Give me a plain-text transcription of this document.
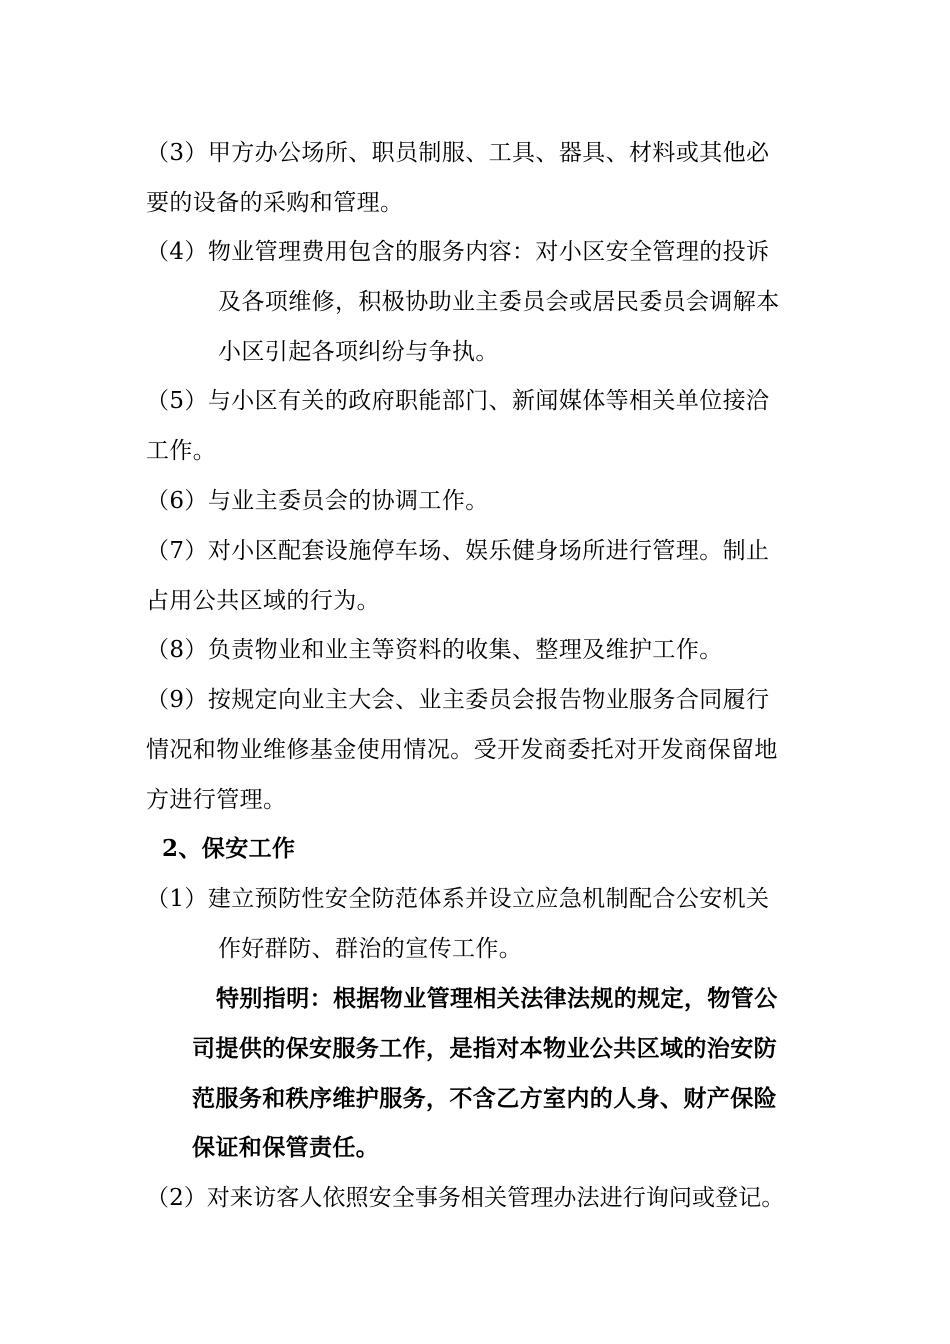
（3）甲方办公场所、职员制服、工具、器具、材料或其他必
要的设备的采购和管理。
（4）物业管理费用包含的服务内容：对小区安全管理的投诉
及各项维修，积极协助业主委员会或居民委员会调解本
小区引起各项纠纷与争执。
（5）与小区有关的政府职能部门、新闻媒体等相关单位接洽
工作。
（6）与业主委员会的协调工作。
（7）对小区配套设施停车场、娱乐健身场所进行管理。制止
占用公共区域的行为。
（8）负责物业和业主等资料的收集、整理及维护工作。
（9）按规定向业主大会、业主委员会报告物业服务合同履行
情况和物业维修基金使用情况。受开发商委托对开发商保留地
方进行管理。
2、保安工作
（1）建立预防性安全防范体系并设立应急机制配合公安机关
作好群防、群治的宣传工作。
特别指明：根据物业管理相关法律法规的规定，物管公
司提供的保安服务工作，是指对本物业公共区域的治安防
范服务和秩序维护服务，不含乙方室内的人身、财产保险
保证和保管责任。
（2）对来访客人依照安全事务相关管理办法进行询问或登记。
